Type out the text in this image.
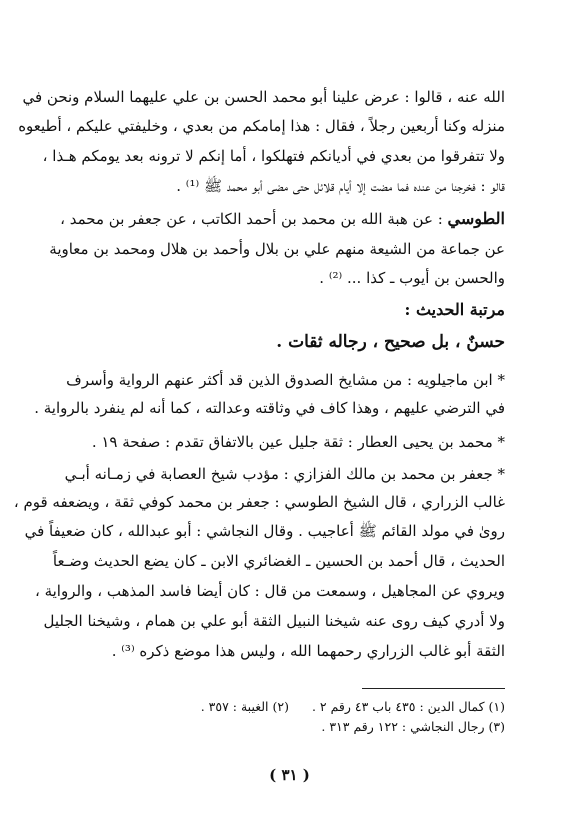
الله عنه ، قالوا : عرض علينا أبو محمد الحسن بن علي عليهما السلام ونحن في
منزله وكنا أربعين رجلاً ، فقال : هذا إمامكم من بعدي ، وخليفتي عليكم ، أطيعوه
ولا تتفرقوا من بعدي في أديانكم فتهلكوا ، أما إنكم لا ترونه بعد يومكم هـذا ،
قالو : فخرجنا من عنده فما مضت إلا أيام قلائل حتى مضى أبو محمد ﷺ ⁽¹⁾ .
الطوسي : عن هبة الله بن محمد بن أحمد الكاتب ، عن جعفر بن محمد ،
عن جماعة من الشيعة منهم علي بن بلال وأحمد بن هلال ومحمد بن معاوية
والحسن بن أيوب ـ كذا ... ⁽²⁾ .
مرتبة الحديث :
حسنٌ ، بل صحيح ، رجاله ثقات .
* ابن ماجيلويه : من مشايخ الصدوق الذين قد أكثر عنهم الرواية وأسرف
في الترضي عليهم ، وهذا كاف في وثاقته وعدالته ، كما أنه لم ينفرد بالرواية .
* محمد بن يحيى العطار : ثقة جليل عين بالاتفاق تقدم : صفحة ١٩ .
* جعفر بن محمد بن مالك الفزازي : مؤدب شيخ العصابة في زمـانه أبـي
غالب الزراري ، قال الشيخ الطوسي : جعفر بن محمد كوفي ثقة ، ويضعفه قوم ،
روىٰ في مولد القائم ﷺ أعاجيب . وقال النجاشي : أبو عبدالله ، كان ضعيفاً في
الحديث ، قال أحمد بن الحسين ـ الغضائري الابن ـ كان يضع الحديث وضـعاً
ويروي عن المجاهيل ، وسمعت من قال : كان أيضا فاسد المذهب ، والرواية ،
ولا أدري كيف روى عنه شيخنا النبيل الثقة أبو علي بن همام ، وشيخنا الجليل
الثقة أبو غالب الزراري رحمهما الله ، وليس هذا موضع ذكره ⁽³⁾ .
(١) كمال الدين : ٤٣٥ باب ٤٣ رقم ٢ .
(٢) الغيبة : ٣٥٧ .
(٣) رجال النجاشي : ١٢٢ رقم ٣١٣ .
( ٣١ )
